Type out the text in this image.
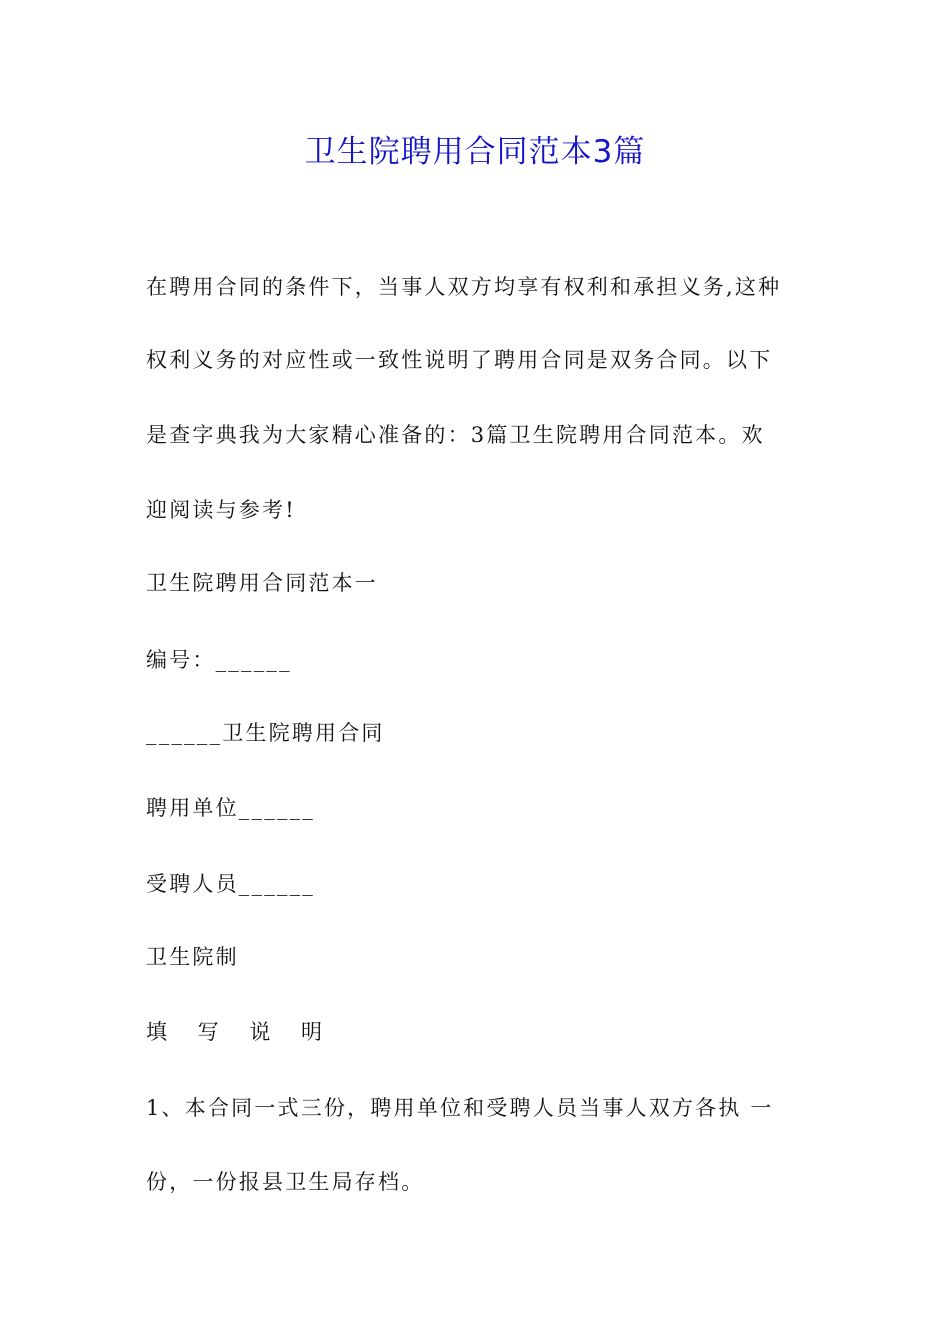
卫生院聘用合同范本3篇

在聘用合同的条件下，当事人双方均享有权利和承担义务,这种

权利义务的对应性或一致性说明了聘用合同是双务合同。以下

是查字典我为大家精心准备的：3篇卫生院聘用合同范本。欢

迎阅读与参考!

卫生院聘用合同范本一

编号：______

______卫生院聘用合同

聘用单位______

受聘人员______

卫生院制

填 写 说 明

1、本合同一式三份，聘用单位和受聘人员当事人双方各执 一

份，一份报县卫生局存档。
